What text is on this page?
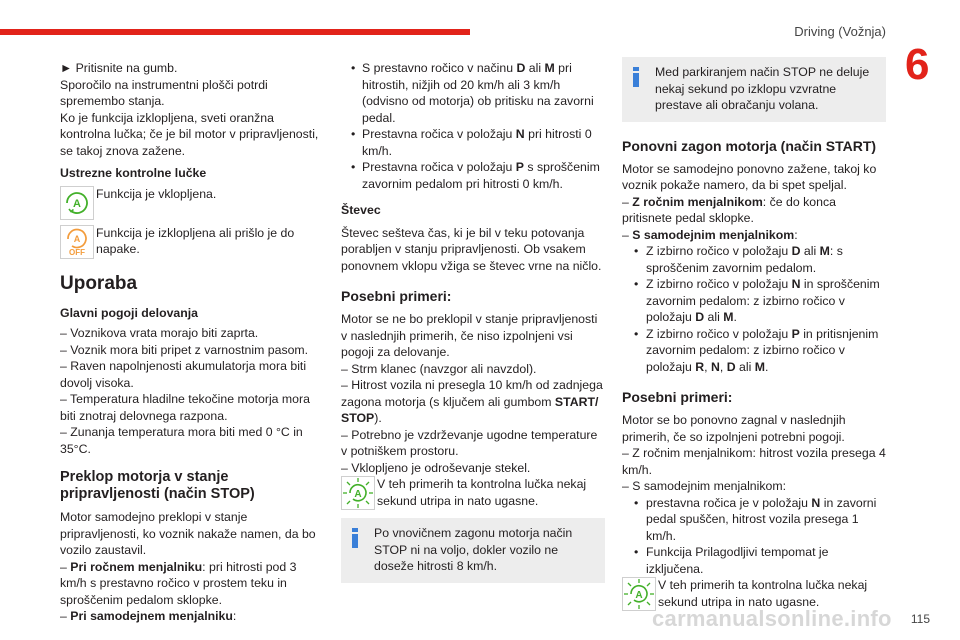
Driving (Vožnja)
6

► Pritisnite na gumb.

Sporočilo na instrumentni plošči potrdi spremembo stanja.

Ko je funkcija izklopljena, sveti oranžna kontrolna lučka; če je bil motor v pripravljenosti, se takoj znova zažene.

Ustrezne kontrolne lučke

A
Funkcija je vklopljena.
A
OFF
Funkcija je izklopljena ali prišlo je do napake.
Uporaba

Glavni pogoji delovanja

– Voznikova vrata morajo biti zaprta.

– Voznik mora biti pripet z varnostnim pasom.

– Raven napolnjenosti akumulatorja mora biti dovolj visoka.

– Temperatura hladilne tekočine motorja mora biti znotraj delovnega razpona.

– Zunanja temperatura mora biti med 0 °C in 35°C.

Preklop motorja v stanje pripravljenosti (način STOP)

Motor samodejno preklopi v stanje pripravljenosti, ko voznik nakaže namen, da bo vozilo zaustavil.

– Pri ročnem menjalniku: pri hitrosti pod 3 km/h s prestavno ročico v prostem teku in sproščenim pedalom sklopke.

– Pri samodejnem menjalniku:

• S prestavno ročico v načinu D ali M pri hitrostih, nižjih od 20 km/h ali 3 km/h (odvisno od motorja) ob pritisku na zavorni pedal.

• Prestavna ročica v položaju N pri hitrosti 0 km/h.

• Prestavna ročica v položaju P s sproščenim zavornim pedalom pri hitrosti 0 km/h.

Števec

Števec sešteva čas, ki je bil v teku potovanja porabljen v stanju pripravljenosti. Ob vsakem ponovnem vklopu vžiga se števec vrne na ničlo.

Posebni primeri:

Motor se ne bo preklopil v stanje pripravljenosti v naslednjih primerih, če niso izpolnjeni vsi pogoji za delovanje.

– Strm klanec (navzgor ali navzdol).

– Hitrost vozila ni presegla 10 km/h od zadnjega zagona motorja (s ključem ali gumbom START/ STOP).

– Potrebno je vzdrževanje ugodne temperature v potniškem prostoru.

– Vklopljeno je odroševanje stekel.

A
V teh primerih ta kontrolna lučka nekaj sekund utripa in nato ugasne.

Po vnovičnem zagonu motorja način STOP ni na voljo, dokler vozilo ne doseže hitrosti 8 km/h.

Med parkiranjem način STOP ne deluje nekaj sekund po izklopu vzvratne prestave ali obračanju volana.

Ponovni zagon motorja (način START)

Motor se samodejno ponovno zažene, takoj ko voznik pokaže namero, da bi spet speljal.

– Z ročnim menjalnikom: če do konca pritisnete pedal sklopke.

– S samodejnim menjalnikom:

• Z izbirno ročico v položaju D ali M: s sproščenim zavornim pedalom.

• Z izbirno ročico v položaju N in sproščenim zavornim pedalom: z izbirno ročico v položaju D ali M.

• Z izbirno ročico v položaju P in pritisnjenim zavornim pedalom: z izbirno ročico v položaju R, N, D ali M.

Posebni primeri:

Motor se bo ponovno zagnal v naslednjih primerih, če so izpolnjeni potrebni pogoji.

– Z ročnim menjalnikom: hitrost vozila presega 4 km/h.

– S samodejnim menjalnikom:

• prestavna ročica je v položaju N in zavorni pedal spuščen, hitrost vozila presega 1 km/h.

• Funkcija Prilagodljivi tempomat je izključena.

A
V teh primerih ta kontrolna lučka nekaj sekund utripa in nato ugasne.
carmanualsonline.info 115
